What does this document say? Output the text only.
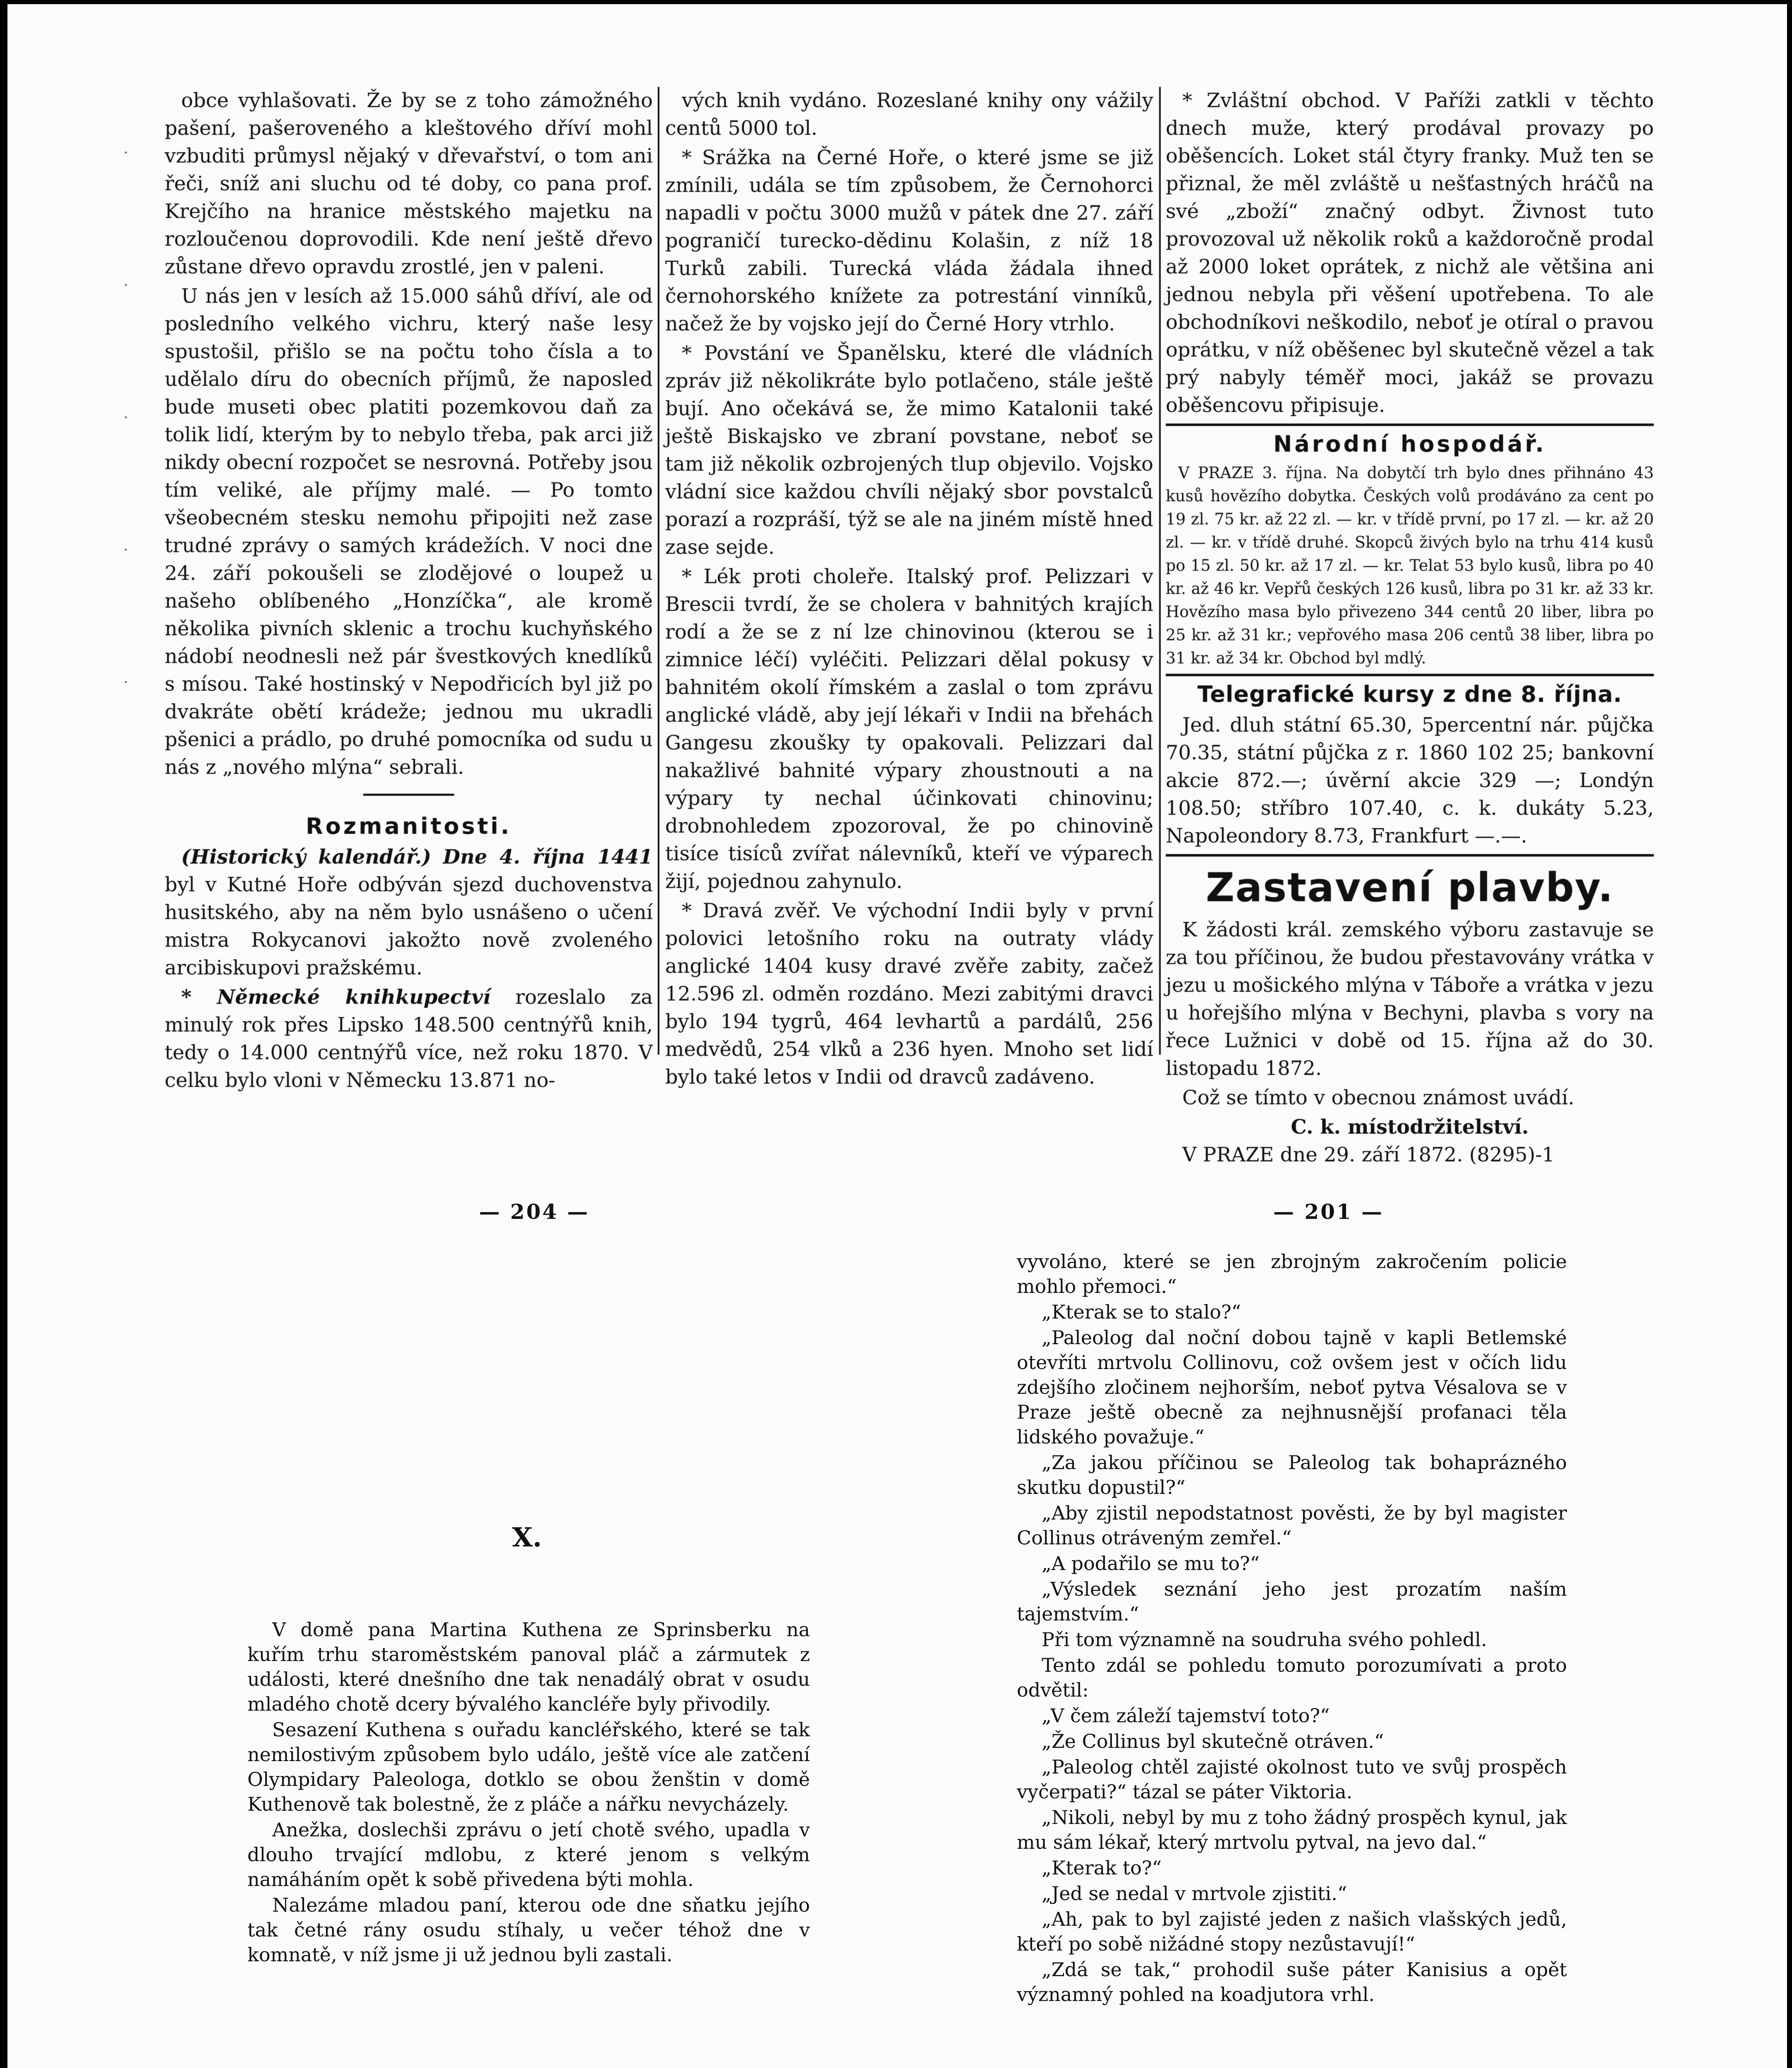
·
·
·
·
·

obce vyhlašovati. Že by se z toho zámožného pašení, pašeroveného a kleštového dříví mohl vzbuditi průmysl nějaký v dřevařství, o tom ani řeči, sníž ani sluchu od té doby, co pana prof. Krejčího na hranice městského majetku na rozloučenou doprovodili. Kde není ještě dřevo zůstane dřevo opravdu zrostlé, jen v paleni.

U nás jen v lesích až 15.000 sáhů dříví, ale od posledního velkého vichru, který naše lesy spustošil, přišlo se na počtu toho čísla a to udělalo díru do obecních příjmů, že naposled bude museti obec platiti pozemkovou daň za tolik lidí, kterým by to nebylo třeba, pak arci již nikdy obecní rozpočet se nesrovná. Potřeby jsou tím veliké, ale příjmy malé. — Po tomto všeobecném stesku nemohu připojiti než zase trudné zprávy o samých krádežích. V noci dne 24. září pokoušeli se zlodějové o loupež u našeho oblíbeného „Honzíčka“, ale kromě několika pivních sklenic a trochu kuchyňského nádobí neodnesli než pár švestkových knedlíků s mísou. Také hostinský v Nepodřicích byl již po dvakráte obětí krádeže; jednou mu ukradli pšenici a prádlo, po druhé pomocníka od sudu u nás z „nového mlýna“ sebrali.

Rozmanitosti.

(Historický kalendář.) Dne 4. října 1441 byl v Kutné Hoře odbýván sjezd duchovenstva husitského, aby na něm bylo usnášeno o učení mistra Rokycanovi jakožto nově zvoleného arcibiskupovi pražskému.

* Německé knihkupectví rozeslalo za minulý rok přes Lipsko 148.500 centnýřů knih, tedy o 14.000 centnýřů více, než roku 1870. V celku bylo vloni v Německu 13.871 no-

vých knih vydáno. Rozeslané knihy ony vážily centů 5000 tol.

* Srážka na Černé Hoře, o které jsme se již zmínili, udála se tím způsobem, že Černohorci napadli v počtu 3000 mužů v pátek dne 27. září pograničí turecko-dědinu Kolašin, z níž 18 Turků zabili. Turecká vláda žádala ihned černohorského knížete za potrestání vinníků, načež že by vojsko její do Černé Hory vtrhlo.

* Povstání ve Španělsku, které dle vládních zpráv již několikráte bylo potlačeno, stále ještě bují. Ano očekává se, že mimo Katalonii také ještě Biskajsko ve zbraní povstane, neboť se tam již několik ozbrojených tlup objevilo. Vojsko vládní sice každou chvíli nějaký sbor povstalců porazí a rozpráší, týž se ale na jiném místě hned zase sejde.

* Lék proti choleře. Italský prof. Pelizzari v Brescii tvrdí, že se cholera v bahnitých krajích rodí a že se z ní lze chinovinou (kterou se i zimnice léčí) vyléčiti. Pelizzari dělal pokusy v bahnitém okolí římském a zaslal o tom zprávu anglické vládě, aby její lékaři v Indii na břehách Gangesu zkoušky ty opakovali. Pelizzari dal nakažlivé bahnité výpary zhoustnouti a na výpary ty nechal účinkovati chinovinu; drobnohledem zpozoroval, že po chinovině tisíce tisíců zvířat nálevníků, kteří ve výparech žijí, pojednou zahynulo.

* Dravá zvěř. Ve východní Indii byly v první polovici letošního roku na outraty vlády anglické 1404 kusy dravé zvěře zabity, začež 12.596 zl. odměn rozdáno. Mezi zabitými dravci bylo 194 tygrů, 464 levhartů a pardálů, 256 medvědů, 254 vlků a 236 hyen. Mnoho set lidí bylo také letos v Indii od dravců zadáveno.

* Zvláštní obchod. V Paříži zatkli v těchto dnech muže, který prodával provazy po oběšencích. Loket stál čtyry franky. Muž ten se přiznal, že měl zvláště u nešťastných hráčů na své „zboží“ značný odbyt. Živnost tuto provozoval už několik roků a každoročně prodal až 2000 loket oprátek, z nichž ale většina ani jednou nebyla při věšení upotřebena. To ale obchodníkovi neškodilo, neboť je otíral o pravou oprátku, v níž oběšenec byl skutečně vězel a tak prý nabyly téměř moci, jakáž se provazu oběšencovu připisuje.

Národní hospodář.

V PRAZE 3. října. Na dobytčí trh bylo dnes přihnáno 43 kusů hovězího dobytka. Českých volů prodáváno za cent po 19 zl. 75 kr. až 22 zl. — kr. v třídě první, po 17 zl. — kr. až 20 zl. — kr. v třídě druhé. Skopců živých bylo na trhu 414 kusů po 15 zl. 50 kr. až 17 zl. — kr. Telat 53 bylo kusů, libra po 40 kr. až 46 kr. Vepřů českých 126 kusů, libra po 31 kr. až 33 kr. Hovězího masa bylo přivezeno 344 centů 20 liber, libra po 25 kr. až 31 kr.; vepřového masa 206 centů 38 liber, libra po 31 kr. až 34 kr. Obchod byl mdlý.

Telegrafické kursy z dne 8. října.

Jed. dluh státní 65.30, 5percentní nár. půjčka 70.35, státní půjčka z r. 1860 102 25; bankovní akcie 872.—; úvěrní akcie 329 —; Londýn 108.50; stříbro 107.40, c. k. dukáty 5.23, Napoleondory 8.73, Frankfurt —.—.

Zastavení plavby.

K žádosti král. zemského výboru zastavuje se za tou příčinou, že budou přestavovány vrátka v jezu u mošického mlýna v Táboře a vrátka v jezu u hořejšího mlýna v Bechyni, plavba s vory na řece Lužnici v době od 15. října až do 30. listopadu 1872.

Což se tímto v obecnou známost uvádí.

C. k. místodržitelství.
V PRAZE dne 29. září 1872. (8295)-1
— 204 —	— 201 —
X.

V domě pana Martina Kuthena ze Sprinsberku na kuřím trhu staroměstském panoval pláč a zármutek z události, které dnešního dne tak nenadálý obrat v osudu mladého chotě dcery bývalého kancléře byly přivodily.

Sesazení Kuthena s ouřadu kancléřského, které se tak nemilostivým způsobem bylo událo, ještě více ale zatčení Olympidary Paleologa, dotklo se obou ženštin v domě Kuthenově tak bolestně, že z pláče a nářku nevycházely.

Anežka, doslechši zprávu o jetí chotě svého, upadla v dlouho trvající mdlobu, z které jenom s velkým namáháním opět k sobě přivedena býti mohla.

Nalezáme mladou paní, kterou ode dne sňatku jejího tak četné rány osudu stíhaly, u večer téhož dne v komnatě, v níž jsme ji už jednou byli zastali.

vyvoláno, které se jen zbrojným zakročením policie mohlo přemoci.“

„Kterak se to stalo?“

„Paleolog dal noční dobou tajně v kapli Betlemské otevříti mrtvolu Collinovu, což ovšem jest v očích lidu zdejšího zločinem nejhorším, neboť pytva Vésalova se v Praze ještě obecně za nejhnusnější profanaci těla lidského považuje.“

„Za jakou příčinou se Paleolog tak bohaprázného skutku dopustil?“

„Aby zjistil nepodstatnost pověsti, že by byl magister Collinus otráveným zemřel.“

„A podařilo se mu to?“

„Výsledek seznání jeho jest prozatím naším tajemstvím.“

Při tom významně na soudruha svého pohledl.

Tento zdál se pohledu tomuto porozumívati a proto odvětil:

„V čem záleží tajemství toto?“

„Že Collinus byl skutečně otráven.“

„Paleolog chtěl zajisté okolnost tuto ve svůj prospěch vyčerpati?“ tázal se páter Viktoria.

„Nikoli, nebyl by mu z toho žádný prospěch kynul, jak mu sám lékař, který mrtvolu pytval, na jevo dal.“

„Kterak to?“

„Jed se nedal v mrtvole zjistiti.“

„Ah, pak to byl zajisté jeden z našich vlašských jedů, kteří po sobě nižádné stopy nezůstavují!“

„Zdá se tak,“ prohodil suše páter Kanisius a opět významný pohled na koadjutora vrhl.
